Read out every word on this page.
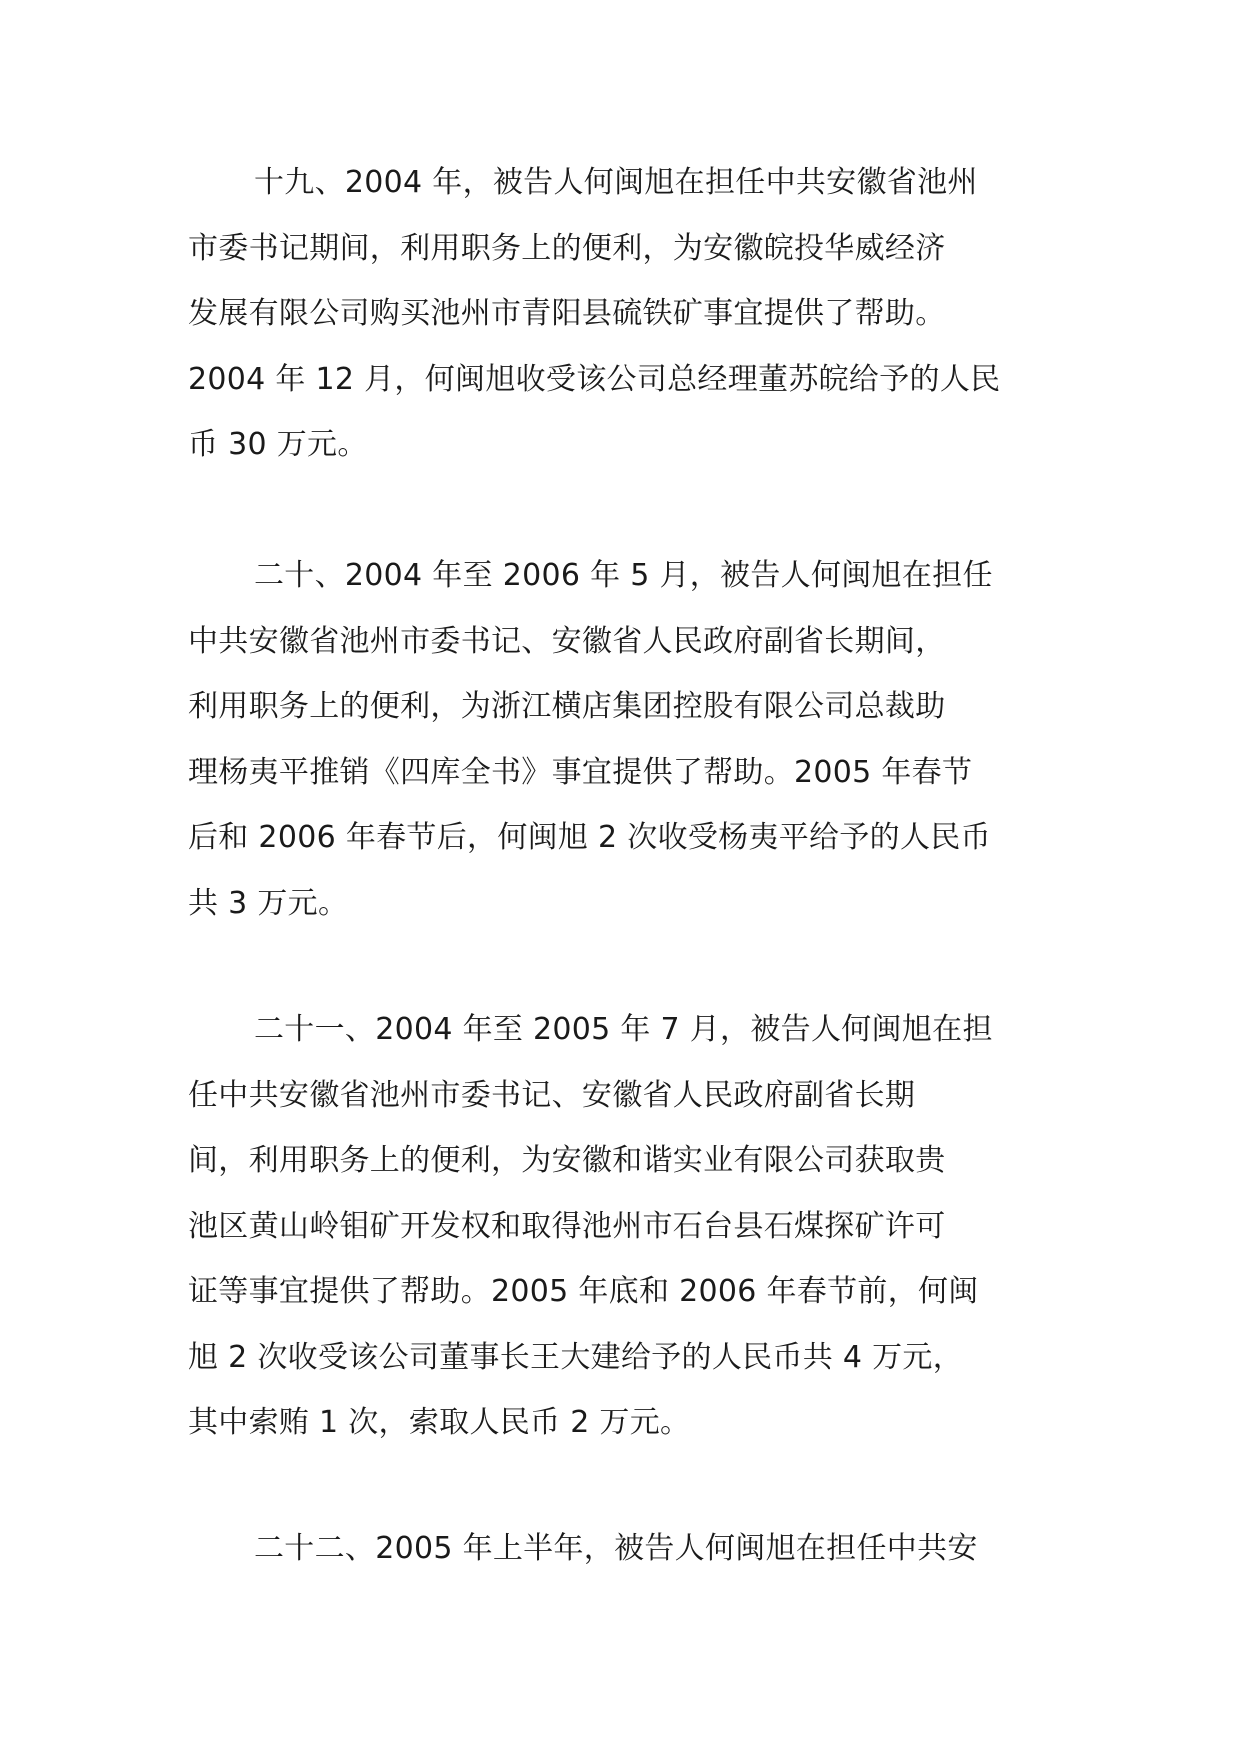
十九、2004 年，被告人何闽旭在担任中共安徽省池州
市委书记期间，利用职务上的便利，为安徽皖投华威经济
发展有限公司购买池州市青阳县硫铁矿事宜提供了帮助。
2004 年 12 月，何闽旭收受该公司总经理董苏皖给予的人民
币 30 万元。
二十、2004 年至 2006 年 5 月，被告人何闽旭在担任
中共安徽省池州市委书记、安徽省人民政府副省长期间，
利用职务上的便利，为浙江横店集团控股有限公司总裁助
理杨夷平推销《四库全书》事宜提供了帮助。2005 年春节
后和 2006 年春节后，何闽旭 2 次收受杨夷平给予的人民币
共 3 万元。
二十一、2004 年至 2005 年 7 月，被告人何闽旭在担
任中共安徽省池州市委书记、安徽省人民政府副省长期
间，利用职务上的便利，为安徽和谐实业有限公司获取贵
池区黄山岭钼矿开发权和取得池州市石台县石煤探矿许可
证等事宜提供了帮助。2005 年底和 2006 年春节前，何闽
旭 2 次收受该公司董事长王大建给予的人民币共 4 万元，
其中索贿 1 次，索取人民币 2 万元。
二十二、2005 年上半年，被告人何闽旭在担任中共安
